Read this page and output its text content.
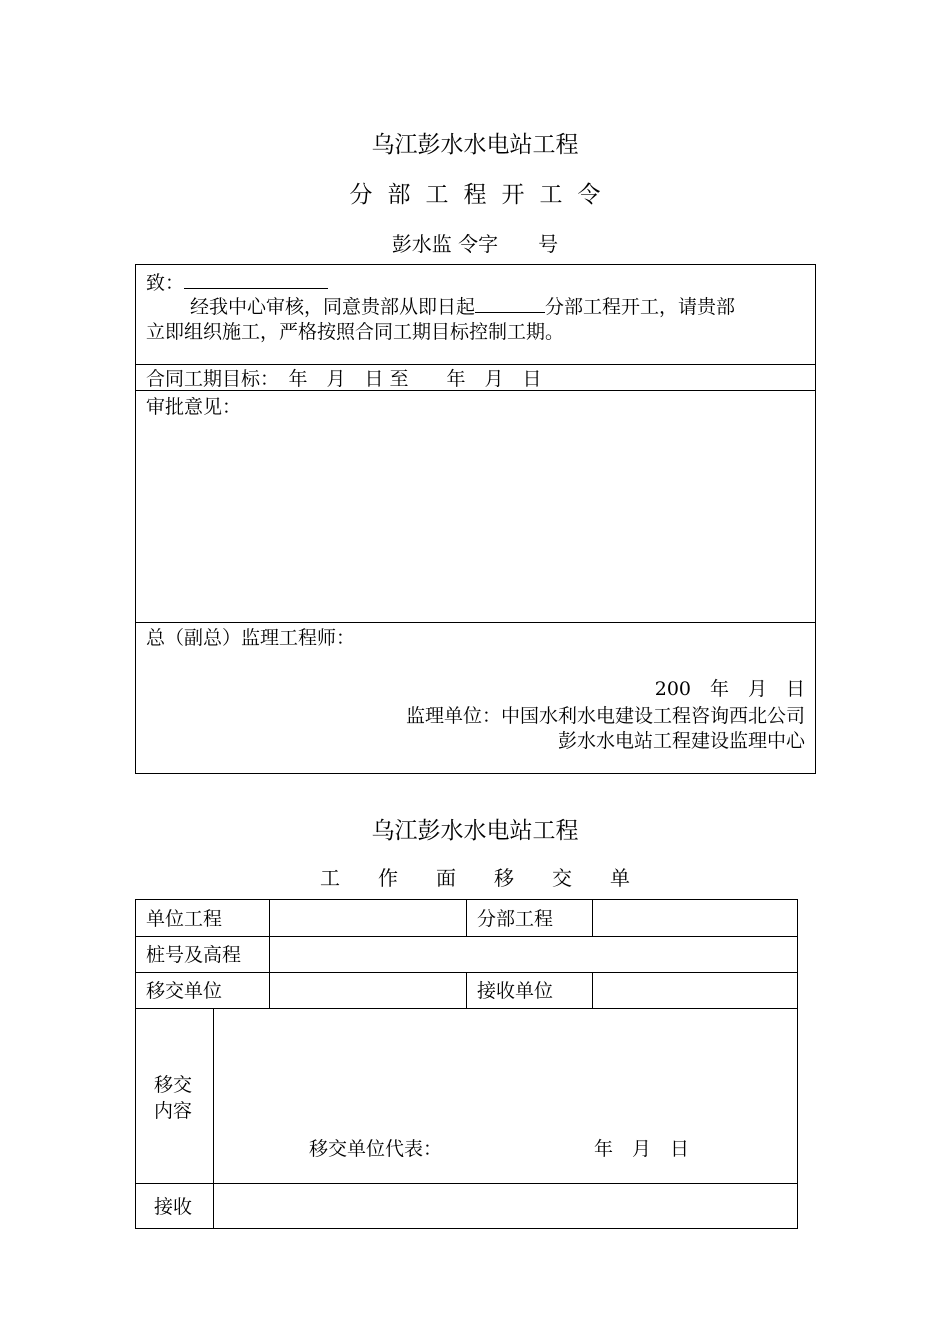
乌江彭水水电站工程
分部工程开工令
彭水监 令字　　号
致：
经我中心审核，同意贵部从即日起	分部工程开工，请贵部
立即组织施工，严格按照合同工期目标控制工期。
合同工期目标：　年　月　日 至　　年　月　日
审批意见：
总（副总）监理工程师：
200　年　月　日
监理单位：中国水利水电建设工程咨询西北公司
彭水水电站工程建设监理中心
乌江彭水水电站工程
工作面移交单
单位工程	分部工程
桩号及高程
移交单位	接收单位
移交
内容
移交单位代表：	年　月　日
接收
